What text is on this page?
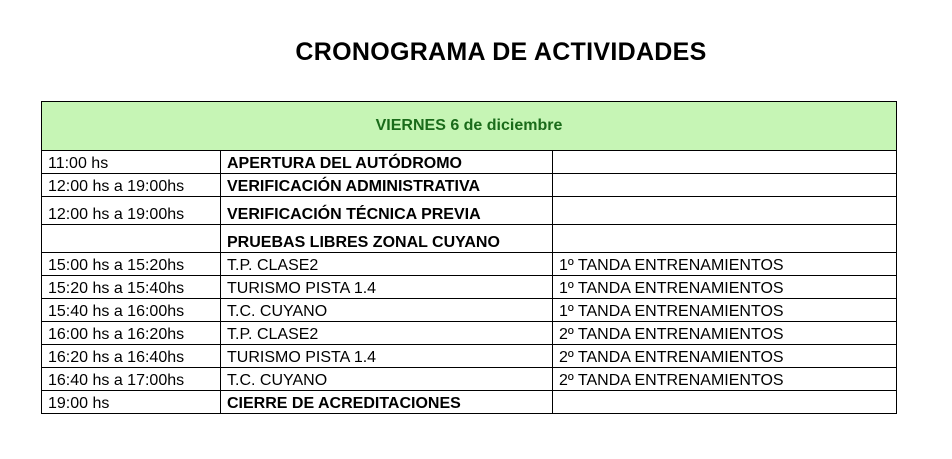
CRONOGRAMA DE ACTIVIDADES
VIERNES 6 de diciembre		
11:00 hs	APERTURA DEL AUTÓDROMO	
12:00 hs a 19:00hs	VERIFICACIÓN ADMINISTRATIVA	
12:00 hs a 19:00hs	VERIFICACIÓN TÉCNICA PREVIA	
	PRUEBAS LIBRES ZONAL CUYANO	
15:00 hs a 15:20hs	T.P. CLASE2	1º TANDA ENTRENAMIENTOS
15:20 hs a 15:40hs	TURISMO PISTA 1.4	1º TANDA ENTRENAMIENTOS
15:40 hs a 16:00hs	T.C. CUYANO	1º TANDA ENTRENAMIENTOS
16:00 hs a 16:20hs	T.P. CLASE2	2º TANDA ENTRENAMIENTOS
16:20 hs a 16:40hs	TURISMO PISTA 1.4	2º TANDA ENTRENAMIENTOS
16:40 hs a 17:00hs	T.C. CUYANO	2º TANDA ENTRENAMIENTOS
19:00 hs	CIERRE DE ACREDITACIONES	
